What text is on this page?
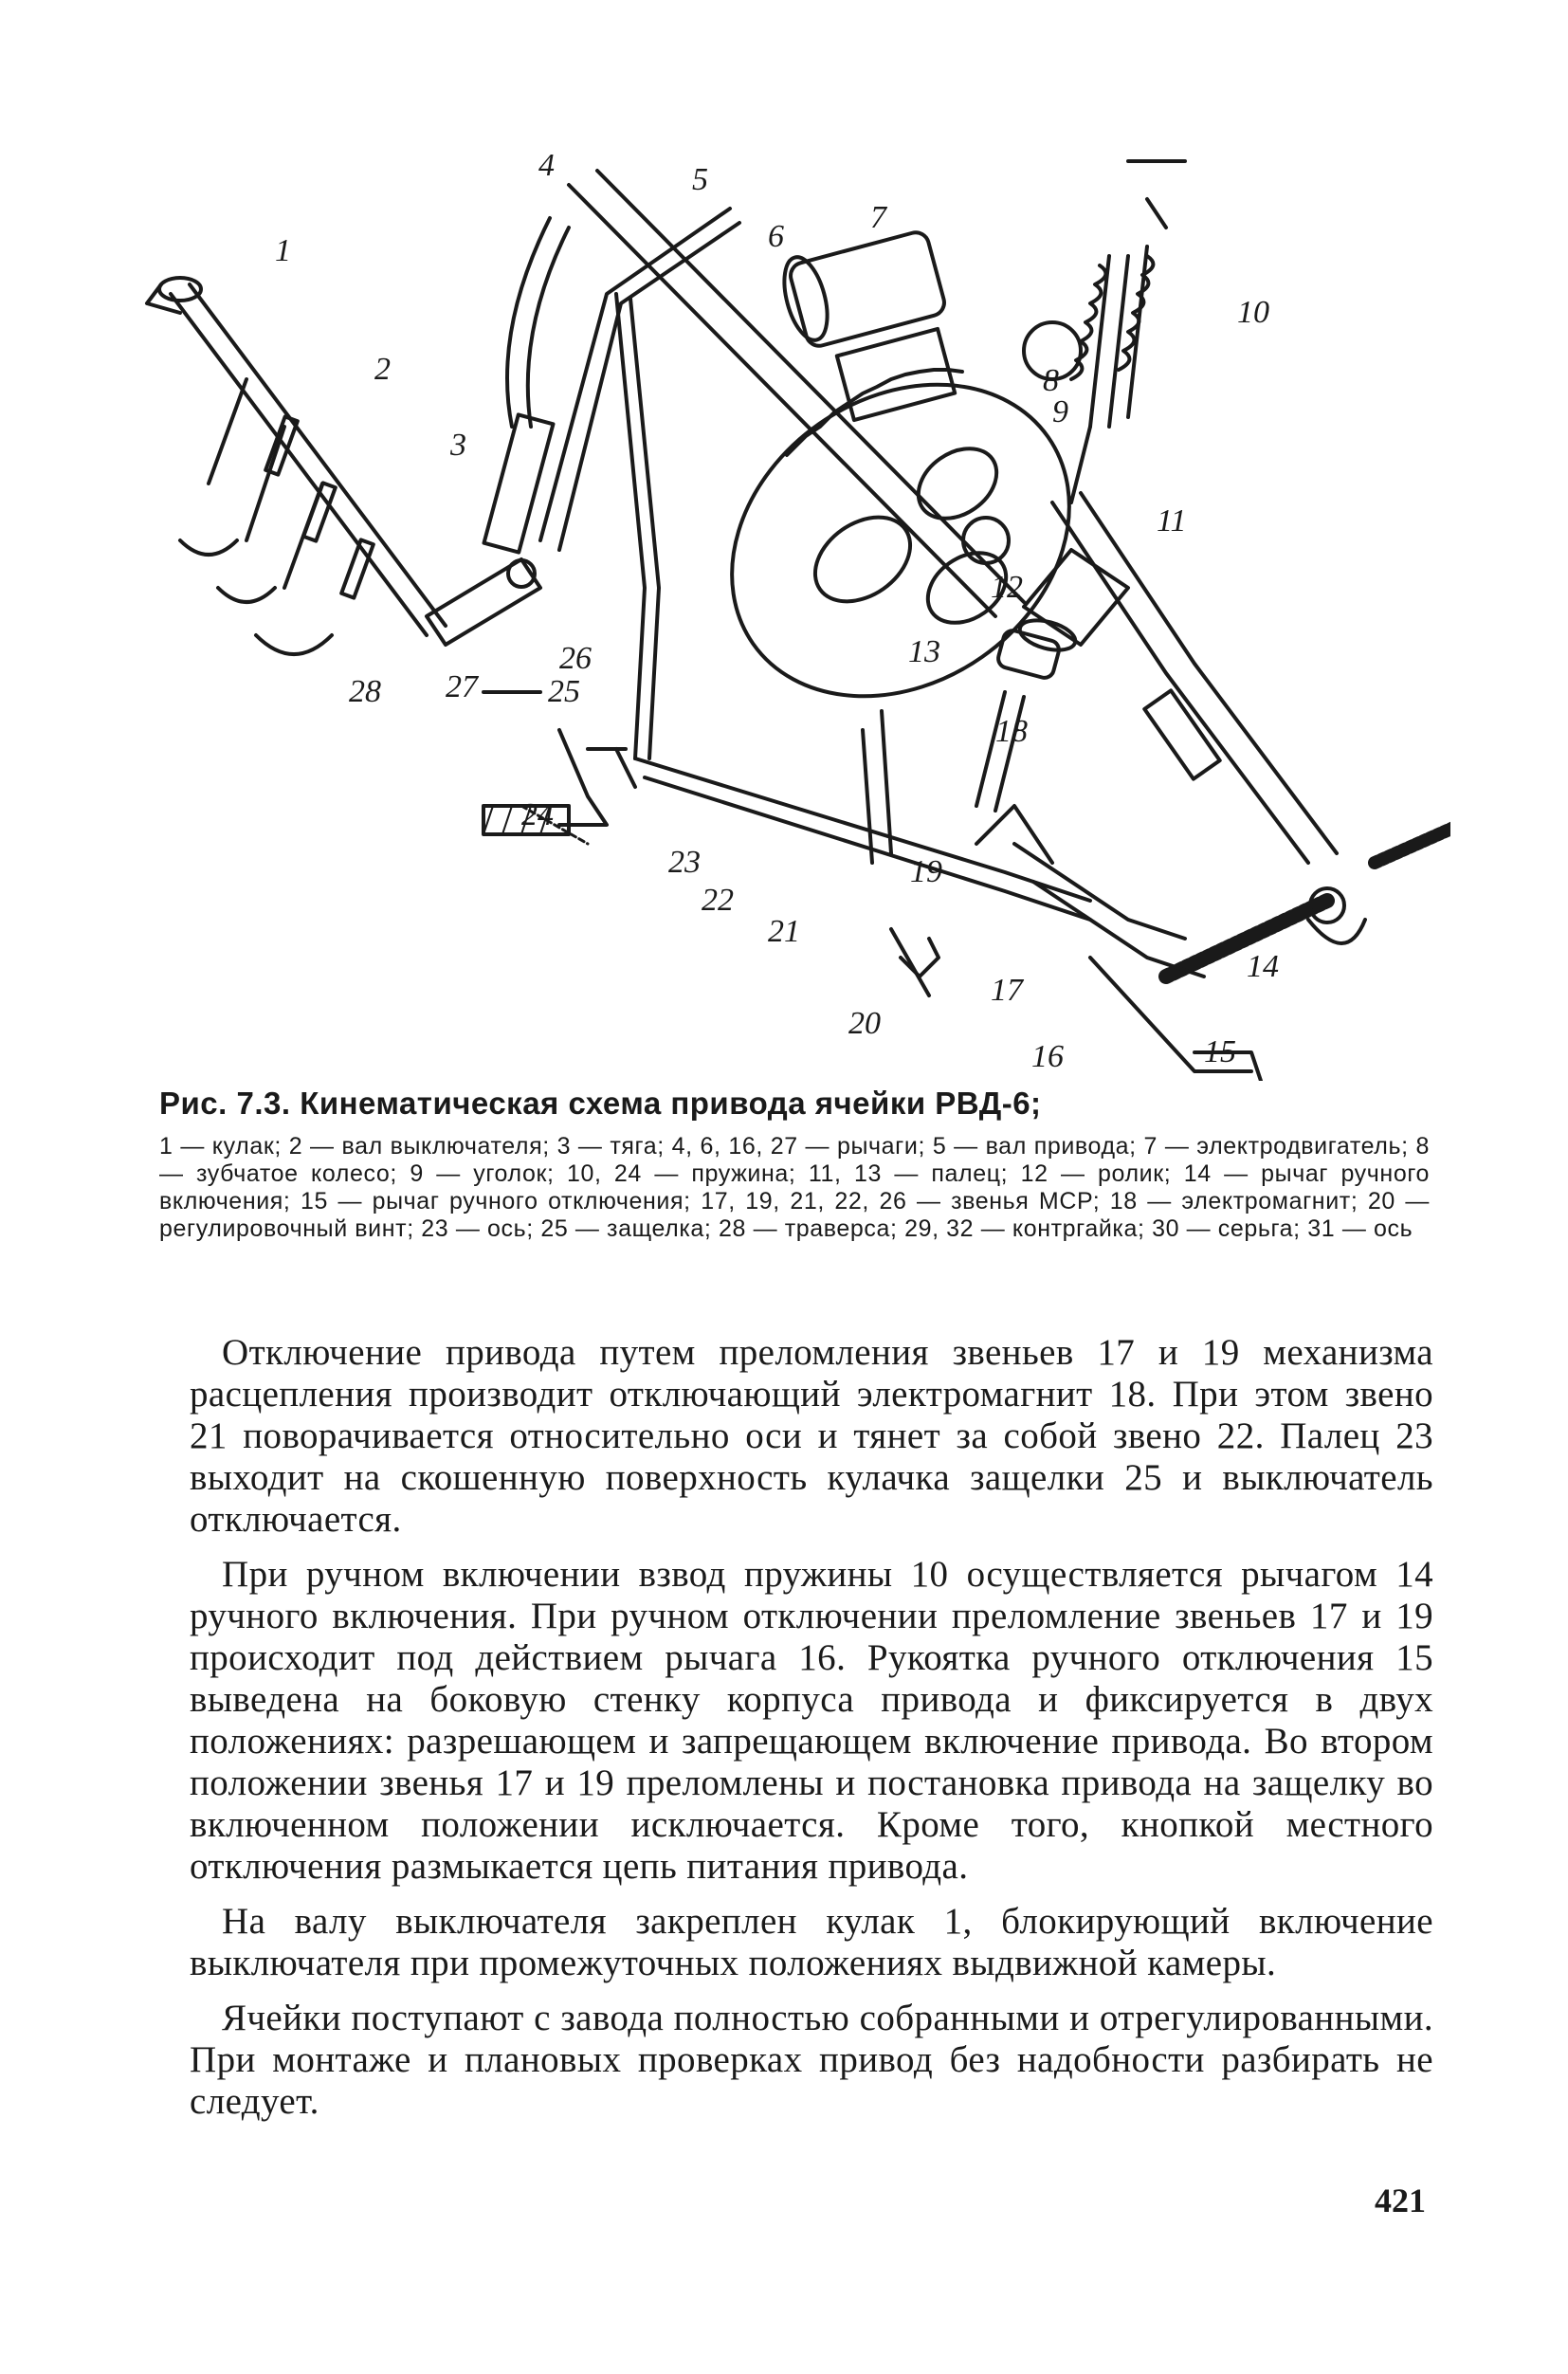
1
2
3
4	5
6
7
8
9
10
11
12
13
14
15
16
17
18
19
20
21
22
23
24
25
26
27
28
Рис. 7.3. Кинематическая схема привода ячейки РВД-6;

1 — кулак; 2 — вал выключателя; 3 — тяга; 4, 6, 16, 27 — рычаги; 5 — вал привода; 7 — электродвигатель; 8 — зубчатое колесо; 9 — уголок; 10, 24 — пружина; 11, 13 — палец; 12 — ролик; 14 — рычаг ручного включения; 15 — рычаг ручного отключения; 17, 19, 21, 22, 26 — звенья МСР; 18 — электромагнит; 20 — регулировочный винт; 23 — ось; 25 — защелка; 28 — траверса; 29, 32 — контргайка; 30 — серьга; 31 — ось

Отключение привода путем преломления звеньев 17 и 19 механизма расцепления производит отключающий электромагнит 18. При этом звено 21 поворачивается относительно оси и тянет за собой звено 22. Палец 23 выходит на скошенную поверхность кулачка защелки 25 и выключатель отключается.

При ручном включении взвод пружины 10 осуществляется рычагом 14 ручного включения. При ручном отключении преломление звеньев 17 и 19 происходит под действием рычага 16. Рукоятка ручного отключения 15 выведена на боковую стенку корпуса привода и фиксируется в двух положениях: разрешающем и запрещающем включение привода. Во втором положении звенья 17 и 19 преломлены и постановка привода на защелку во включенном положении исключается. Кроме того, кнопкой местного отключения размыкается цепь питания привода.

На валу выключателя закреплен кулак 1, блокирующий включение выключателя при промежуточных положениях выдвижной камеры.

Ячейки поступают с завода полностью собранными и отрегулированными. При монтаже и плановых проверках привод без надобности разбирать не следует.

421
